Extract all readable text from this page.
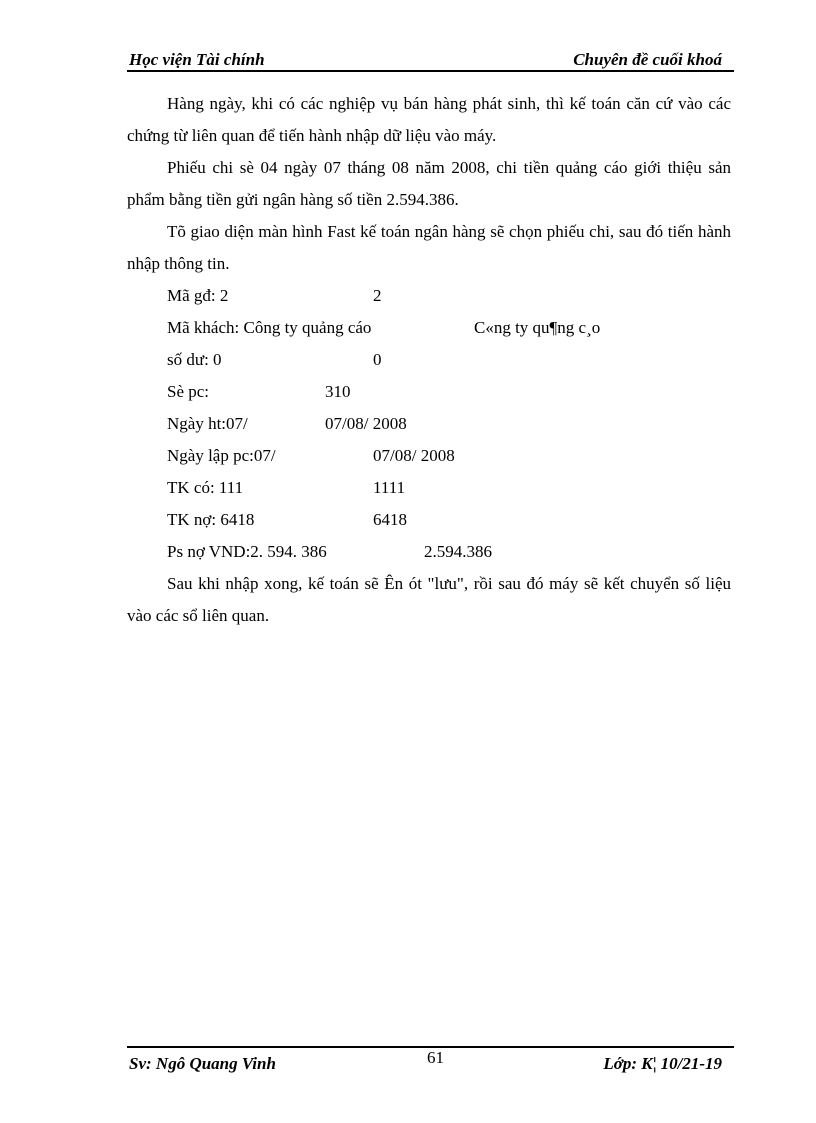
Học viện Tài chính	Chuyên đề cuối khoá

Hàng ngày, khi có các nghiệp vụ bán hàng phát sinh, thì kế toán căn cứ vào các chứng từ liên quan để tiến hành nhập dữ liệu vào máy.

Phiếu chi sè 04 ngày 07 tháng 08 năm 2008, chi tiền quảng cáo giới thiệu sản phẩm bằng tiền gửi ngân hàng số tiền 2.594.386.

Tõ giao diện màn hình Fast kế toán ngân hàng sẽ chọn phiếu chi, sau đó tiến hành nhập thông tin.

Mã gđ: 2	2
Mã khách: Công ty quảng cáo	C«ng ty qu¶ng c¸o
số dư: 0	0
Sè pc:	310
Ngày ht:07/	07/08/ 2008
Ngày lập pc:07/	07/08/ 2008
TK có: 111	1111
TK nợ: 6418	6418
Ps nợ VND:2. 594. 386	2.594.386

Sau khi nhập xong, kế toán sẽ Ên ót "lưu", rồi sau đó máy sẽ kết chuyển số liệu vào các sổ liên quan.

Sv: Ngô Quang Vinh	61	Lớp: K¦ 10/21-19
